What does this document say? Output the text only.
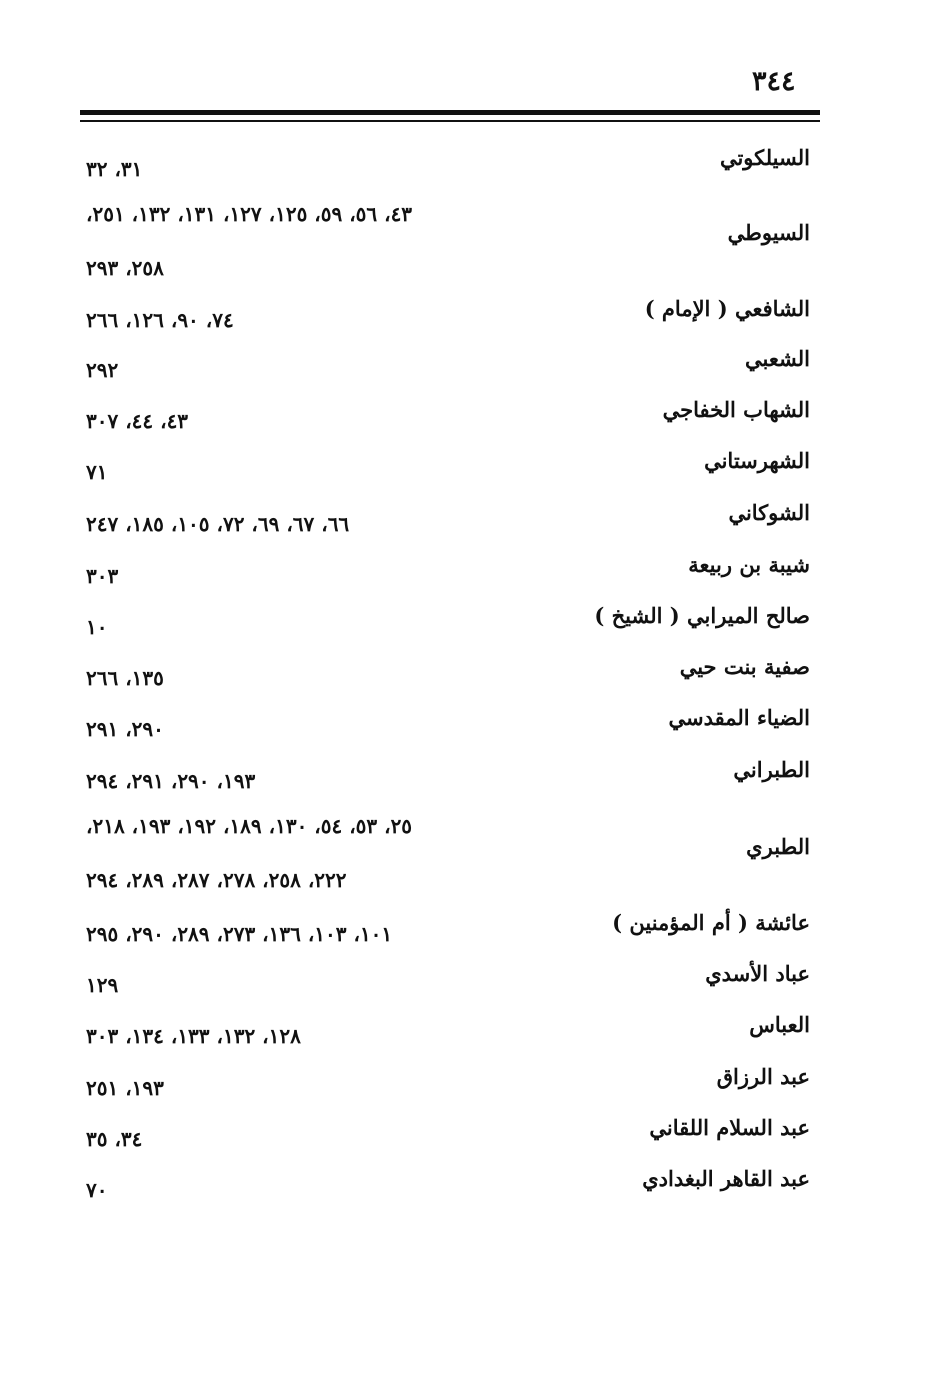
٣٤٤
السيلكوتي
٣١، ٣٢
السيوطي
٤٣، ٥٦، ٥٩، ١٢٥، ١٢٧، ١٣١، ١٣٢، ٢٥١،
٢٥٨، ٢٩٣
الشافعي ( الإمام )
٧٤، ٩٠، ١٢٦، ٢٦٦
الشعبي
٢٩٢
الشهاب الخفاجي
٤٣، ٤٤، ٣٠٧
الشهرستاني
٧١
الشوكاني
٦٦، ٦٧، ٦٩، ٧٢، ١٠٥، ١٨٥، ٢٤٧
شيبة بن ربيعة
٣٠٣
صالح الميرابي ( الشيخ )
١٠
صفية بنت حيي
١٣٥، ٢٦٦
الضياء المقدسي
٢٩٠، ٢٩١
الطبراني
١٩٣، ٢٩٠، ٢٩١، ٢٩٤
الطبري
٢٥، ٥٣، ٥٤، ١٣٠، ١٨٩، ١٩٢، ١٩٣، ٢١٨،
٢٢٢، ٢٥٨، ٢٧٨، ٢٨٧، ٢٨٩، ٢٩٤
عائشة ( أم المؤمنين )
١٠١، ١٠٣، ١٣٦، ٢٧٣، ٢٨٩، ٢٩٠، ٢٩٥
عباد الأسدي
١٢٩
العباس
١٢٨، ١٣٢، ١٣٣، ١٣٤، ٣٠٣
عبد الرزاق
١٩٣، ٢٥١
عبد السلام اللقاني
٣٤، ٣٥
عبد القاهر البغدادي
٧٠
